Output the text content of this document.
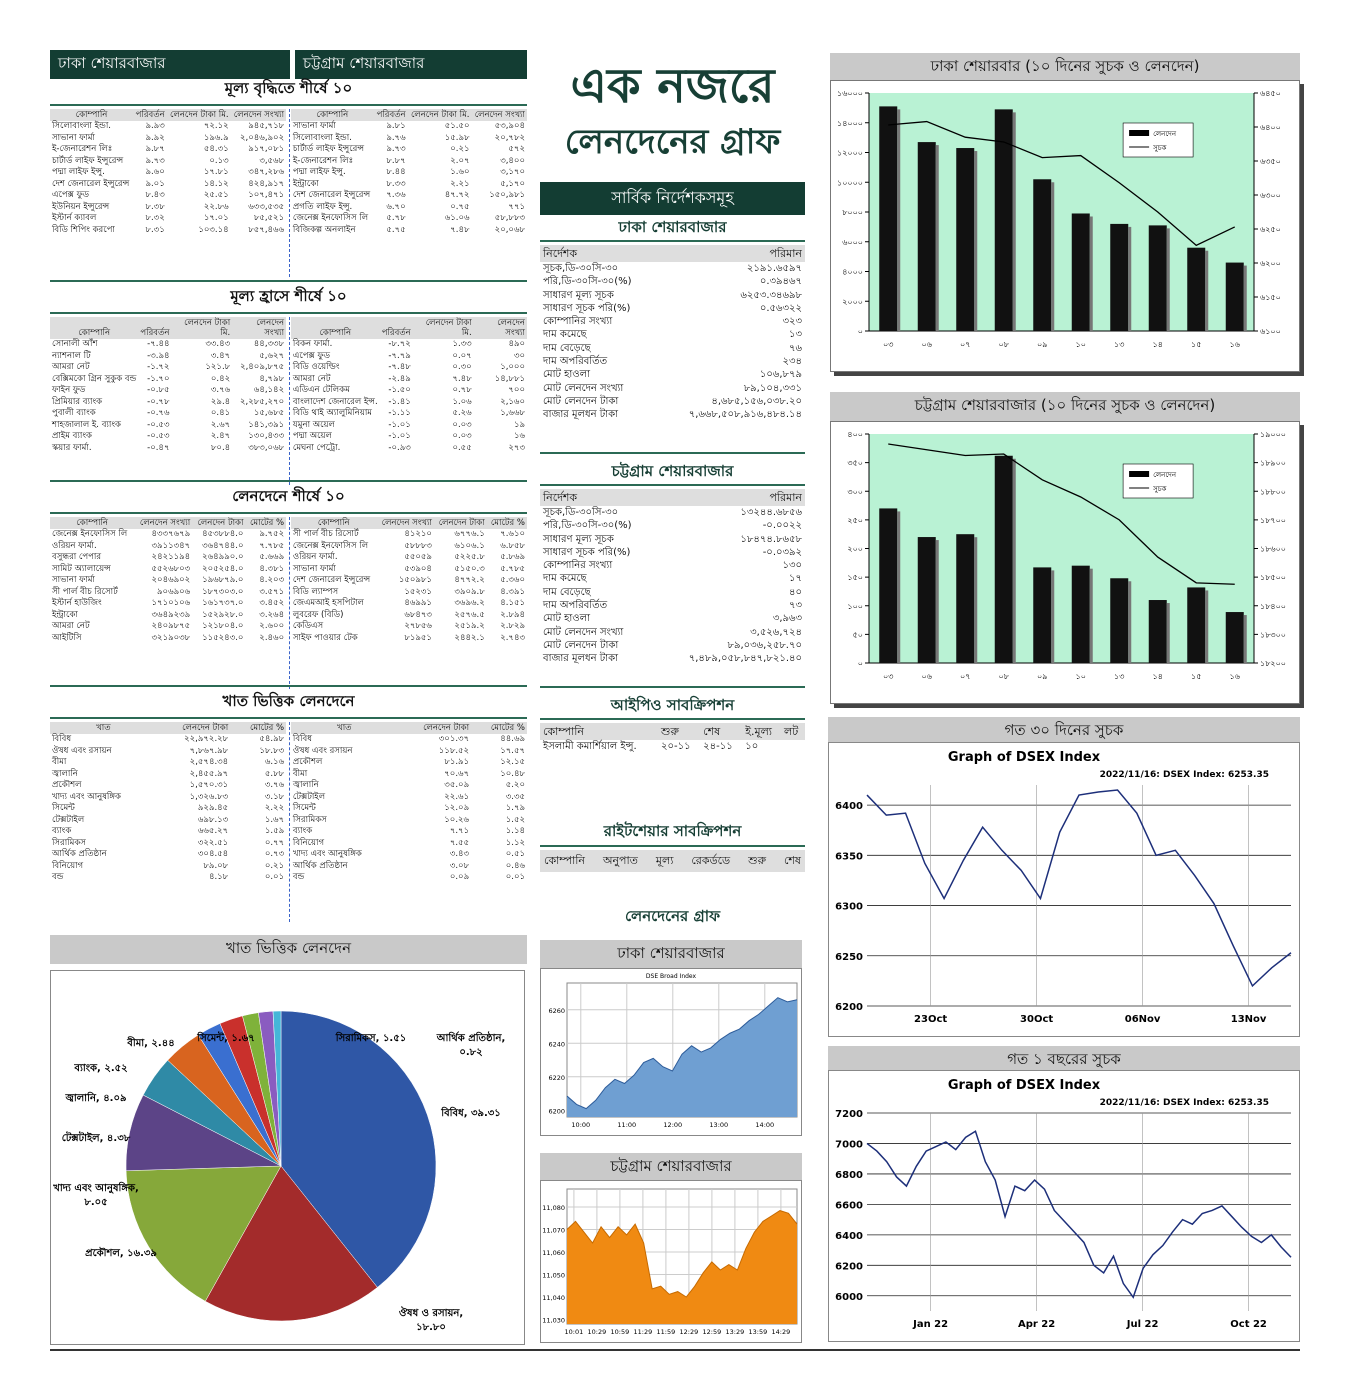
ঢাকা শেয়ারবাজার	চট্টগ্রাম শেয়ারবাজার
মূল্য বৃদ্ধিতে শীর্ষে ১০
কোম্পানি	পরিবর্তন	লেনদেন টাকা মি.	লেনদেন সংখ্যা
সিলোবাংলা ইন্ডা.	৯.৯৩	৭২.১২	৯৪৫,৭১৮
সাভানা ফার্মা	৯.৯২	১৯৬.৯	২,০৪৬,৯০২
ই-জেনারেশন লিঃ	৯.৮৭	৫৪.৩১	৯১৭,০৮১
চার্টার্ড লাইফ ইন্সুরেন্স	৯.৭৩	০.১৩	৩,৫৬৮
পদ্মা লাইফ ইন্সু.	৯.৬০	১৭.৮১	৩৪৭,২৮৬
দেশ জেনারেল ইন্সুরেন্স	৯.০১	১৪.১২	৪২৪,৯১৭
এপেক্স ফুড	৮.৪৩	২৫.৫১	১০৭,৪৭১
ইউনিয়ন ইন্সুরেন্স	৮.৩৮	২২.৮৬	৬৩৩,৫৩৫
ইস্টার্ন ক্যাবল	৮.৩২	১৭.০১	৮৫,৫২১
বিডি শিপিং করপো	৮.৩১	১০৩.১৪	৮৫৭,৪৬৬
কোম্পানি	পরিবর্তন	লেনদেন টাকা মি.	লেনদেন সংখ্যা
সাভানা ফার্মা	৯.৮১	৫১.৫০	৫৩,৯০৪
সিলোবাংলা ইন্ডা.	৯.৭৬	১৫.৯৮	২০,৭৮২
চার্টার্ড লাইফ ইন্সুরেন্স	৯.৭৩	০.২১	৫৭২
ই-জেনারেশন লিঃ	৮.৮৭	২.০৭	৩,৪০০
পদ্মা লাইফ ইন্সু.	৮.৪৪	১.৬০	৩,১৭০
ইন্ট্রাকো	৮.৩৩	২.২১	৫,১৭০
দেশ জেনারেল ইন্সুরেন্স	৭.৩৬	৪৭.৭২	১৫০,৯৮১
প্রগতি লাইফ ইন্সু.	৬.৭০	০.৭৫	৭৭১
জেনেক্স ইনফোসিস লি	৫.৭৮	৬১.০৬	৫৮,৮৮৩
বিজিকল্প অনলাইন	৫.৭৫	৭.৪৮	২০,০৬৮
মূল্য হ্রাসে শীর্ষে ১০
কোম্পানি	পরিবর্তন	লেনদেন টাকা মি.	লেনদেন সংখ্যা
সোনালী আঁশ	-৭.৪৪	৩৩.৪৩	৪৪,৩৩৮
ন্যাশনাল টি	-৩.৯৪	৩.৪৭	৫,৬২৭
আমরা নেট	-১.৭২	১২১.৮	২,৪০৯,৮৭৫
বেক্সিমকো গ্রিন সুকুক বন্ড	-১.৭০	০.৪২	৪,৭৯৮
ফাইন ফুড	-০.৮৫	৩.৭৬	৬৪,১৪২
প্রিমিয়ার ব্যাংক	-০.৭৮	২৯.৪	২,২৮৫,২৭০
পুবালী ব্যাংক	-০.৭৬	০.৪১	১৫,৬৮৫
শাহজালাল ই. ব্যাংক	-০.৫৩	২.৬৭	১৪১,৩৯১
প্রাইম ব্যাংক	-০.৫৩	২.৪৭	১৩০,৪৩৩
স্কয়ার ফার্মা.	-০.৪৭	৮০.৪	৩৮৩,০৬৮
কোম্পানি	পরিবর্তন	লেনদেন টাকা মি.	লেনদেন সংখ্যা
বিকন ফার্মা.	-৮.৭২	১.৩৩	৪৯০
এপেক্স ফুড	-৭.৭৯	০.০৭	৩০
বিডি ওয়েল্ডিং	-৭.৪৮	০.৩০	১,০০০
আমরা নেট	-২.৪৯	৭.৪৮	১৪,৮৮১
এডিএন টেলিকম	-১.৫০	০.৭৮	৭০০
বাংলাদেশ জেনারেল ইন্স.	-১.৪১	১.০৬	২,১৬০
বিডি থাই অ্যালুমিনিয়াম	-১.১১	৫.২৬	১,৬৬৮
যমুনা অয়েল	-১.০১	০.০৩	১৯
পদ্মা অয়েল	-১.০১	০.০৩	১৬
মেঘনা পেট্রো.	-০.৯৩	০.৫৫	২৭৩
লেনদেনে শীর্ষে ১০
কোম্পানি	লেনদেন সংখ্যা	লেনদেন টাকা	মোটের %
জেনেক্স ইনফোসিস লি	৪৩৩৭৬৭৯	৪৫৩৮৮৪.০	৯.৭৫২
ওরিয়ন ফার্মা.	৩৯১১৩৪৭	৩৬৪৭৪৪.০	৭.৭৮৫
বসুন্ধরা পেপার	২৪২১১৯৪	২৬৪৯৯০.০	৫.৬৬৯
সামিট অ্যালায়েন্স	৫৫২৬৮০৩	২০৫২৫৪.০	৪.৩৮১
সাভানা ফার্মা	২০৪৬৯০২	১৯৬৮৭৯.০	৪.২০৩
সী পার্ল বীচ রিসোর্ট	৯০৬৯০৬	১৮৭৩০৩.০	৩.৫৭১
ইস্টার্ন হাউজিং	১৭১০১০৬	১৬১৭৩৭.০	৩.৪৫২
ইন্ট্রাকো	৩৬৪৯২৩৯	১৫২৯২৮.০	৩.২৬৪
আমরা নেট	২৪০৯৮৭৫	১২১৮০৪.০	২.৬০০
আইটিসি	৩২১৯০৩৮	১১৫২৪৩.০	২.৪৬০
কোম্পানি	লেনদেন সংখ্যা	লেনদেন টাকা	মোটের %
সী পার্ল বীচ রিসোর্ট	৪১২১০	৬৭৭৬.১	৭.৬১০
জেনেক্স ইনফোসিস লি	৫৮৮৮৩	৬১০৬.১	৬.৮৫৮
ওরিয়ন ফার্মা.	৫৫০৫৯	৫২২৫.৮	৫.৮৬৯
সাভানা ফার্মা	৫৩৯০৪	৫১৫০.৩	৫.৭৮৫
দেশ জেনারেল ইন্সুরেন্স	১৫০৯৮১	৪৭৭২.২	৫.৩৬০
বিডি ল্যাম্পস	১৫২৩১	৩৯০৯.৮	৪.৩৯১
জেএমআই হসপিটাল	৪৬৯৯১	৩৬৯৬.২	৪.১৫১
লুবরেফ (বিডি)	৬৮৪৭৩	২৫৭৬.৫	২.৮৯৪
কেডিএস	২৭৮৫৬	২৫১৯.২	২.৮২৯
সাইফ পাওয়ার টেক	৮১৯৫১	২৪৪২.১	২.৭৪৩
খাত ভিত্তিক লেনদেনে
খাত	লেনদেন টাকা	মোটের %
বিবিধ	২২,৯৭২.২৮	৫৪.৯৮
ঔষধ এবং রসায়ন	৭,৮৬৭.৯৮	১৮.৮৩
বীমা	২,৫৭৪.৩৪	৬.১৬
জ্বালানি	২,৪৫৫.৯৭	৫.৮৮
প্রকৌশল	১,৫৭০.৩১	৩.৭৬
খাদ্য এবং আনুষঙ্গিক	১,৩২৬.৮৩	৩.১৮
সিমেন্ট	৯২৯.৪৫	২.২২
টেক্সটাইল	৬৯৮.১৩	১.৬৭
ব্যাংক	৬৬৫.২৭	১.৫৯
সিরামিকস	৩২২.৫১	০.৭৭
আর্থিক প্রতিষ্ঠান	৩০৪.৫৪	০.৭৩
বিনিয়োগ	৮৯.০৮	০.২১
বন্ড	৪.১৮	০.০১
খাত	লেনদেন টাকা	মোটের %
বিবিধ	৩০১.৩৭	৪৪.৬৯
ঔষধ এবং রসায়ন	১১৮.৫২	১৭.৫৭
প্রকৌশল	৮১.৯১	১২.১৫
বীমা	৭০.৬৭	১০.৪৮
জ্বালানি	৩৫.০৯	৫.২০
টেক্সটাইল	২২.৬১	৩.৩৫
সিমেন্ট	১২.০৯	১.৭৯
সিরামিকস	১০.২৬	১.৫২
ব্যাংক	৭.৭১	১.১৪
বিনিয়োগ	৭.৫৫	১.১২
খাদ্য এবং আনুষঙ্গিক	৩.৪৩	০.৫১
আর্থিক প্রতিষ্ঠান	৩.০৮	০.৪৬
বন্ড	০.০৯	০.০১
খাত ভিত্তিক লেনদেন
বিবিধ, ৩৯.৩১
ঔষধ ও রসায়ন, ১৮.৮০
প্রকৌশল, ১৬.৩৯
খাদ্য এবং আনুষঙ্গিক, ৮.০৫
টেক্সটাইল, ৪.৩৮
জ্বালানি, ৪.০৯
ব্যাংক, ২.৫২
বীমা, ২.৪৪ সিমেন্ট, ১.৬৭	সিরামিকস, ১.৫১	আর্থিক প্রতিষ্ঠান, ০.৮২
এক নজরে
লেনদেনের গ্রাফ
সার্বিক নির্দেশকসমূহ
ঢাকা শেয়ারবাজার
নির্দেশক	পরিমান
সূচক,ডি-৩০সি-৩০	২১৯১.৬৫৯৭
পরি,ডি-৩০সি-৩০(%)	০.৩৯৪৬৭
সাধারণ মূল্য সূচক	৬২৫৩.৩৪৬৯৮
সাধারণ সূচক পরি(%)	০.৫৬৩২২
কোম্পানির সংখ্যা	৩২৩
দাম কমেছে	১৩
দাম বেড়েছে	৭৬
দাম অপরিবর্তিত	২৩৪
মোট হাওলা	১০৬,৮৭৯
মোট লেনদেন সংখ্যা	৮৯,১০৪,৩৩১
মোট লেনদেন টাকা	৪,৬৮৫,১৫৬,০৩৮.২০
বাজার মূলধন টাকা	৭,৬৬৮,৫০৮,৯১৬,৪৮৪.১৪
চট্টগ্রাম শেয়ারবাজার
নির্দেশক	পরিমান
সূচক,ডি-৩০সি-৩০	১৩২৪৪.৬৮৫৬
পরি,ডি-৩০সি-৩০(%)	-০.০০২২
সাধারণ মূল্য সূচক	১৮৪৭৪.৮৬৫৮
সাধারণ সূচক পরি(%)	-০.০৩৯২
কোম্পানির সংখ্যা	১৩০
দাম কমেছে	১৭
দাম বেড়েছে	৪০
দাম অপরিবর্তিত	৭৩
মোট হাওলা	৩,৯৬৩
মোট লেনদেন সংখ্যা	৩,৫২৬,৭২৪
মোট লেনদেন টাকা	৮৯,০৩৬,২৫৮.৭০
বাজার মূলধন টাকা	৭,৪৮৯,০৫৮,৮৪৭,৮২১.৪০
আইপিও সাবক্রিপশন
কোম্পানি	শুরু	শেষ	ই.মূল্য	লট
ইসলামী কমার্শিয়াল ইন্সু.	২০-১১	২৪-১১	১০	
রাইটশেয়ার সাবক্রিপশন
কোম্পানি অনুপাত মূল্য রেকর্ডডে শুরু শেষ
লেনদেনের গ্রাফ
ঢাকা শেয়ারবাজার
DSE Broad Index
6200
6220
6240
6260
10:00	11:00	12:00	13:00	14:00
চট্টগ্রাম শেয়ারবাজার
11,030
11,040
11,050
11,060
11,070
11,080
10:01 10:29 10:59 11:29 11:59 12:29 12:59 13:29 13:59 14:29
ঢাকা শেয়ারবার (১০ দিনের সুচক ও লেনদেন)
০
২০০০
৪০০০
৬০০০
৮০০০
১০০০০
১২০০০
১৪০০০
১৬০০০
৬১০০
৬১৫০
৬২০০
৬২৫০
৬৩০০
৬৩৫০
৬৪০০
৬৪৫০
০৩	০৬	০৭	০৮	০৯	১০	১৩	১৪	১৫	১৬
লেনদেন
সুচক
চট্টগ্রাম শেয়ারবাজার (১০ দিনের সুচক ও লেনদেন)
০
৫০
১০০
১৫০
২০০
২৫০
৩০০
৩৫০
৪০০
১৮২০০
১৮৩০০
১৮৪০০
১৮৫০০
১৮৬০০
১৮৭০০
১৮৮০০
১৮৯০০
১৯০০০
০৩	০৬	০৭	০৮	০৯	১০	১৩	১৪	১৫	১৬
লেনদেন
সুচক
গত ৩০ দিনের সুচক
Graph of DSEX Index
2022/11/16: DSEX Index: 6253.35
6200
6250
6300
6350
6400
23Oct	30Oct	06Nov	13Nov
গত ১ বছরের সুচক
Graph of DSEX Index
2022/11/16: DSEX Index: 6253.35
6000
6200
6400
6600
6800
7000
7200
Jan 22	Apr 22	Jul 22	Oct 22
